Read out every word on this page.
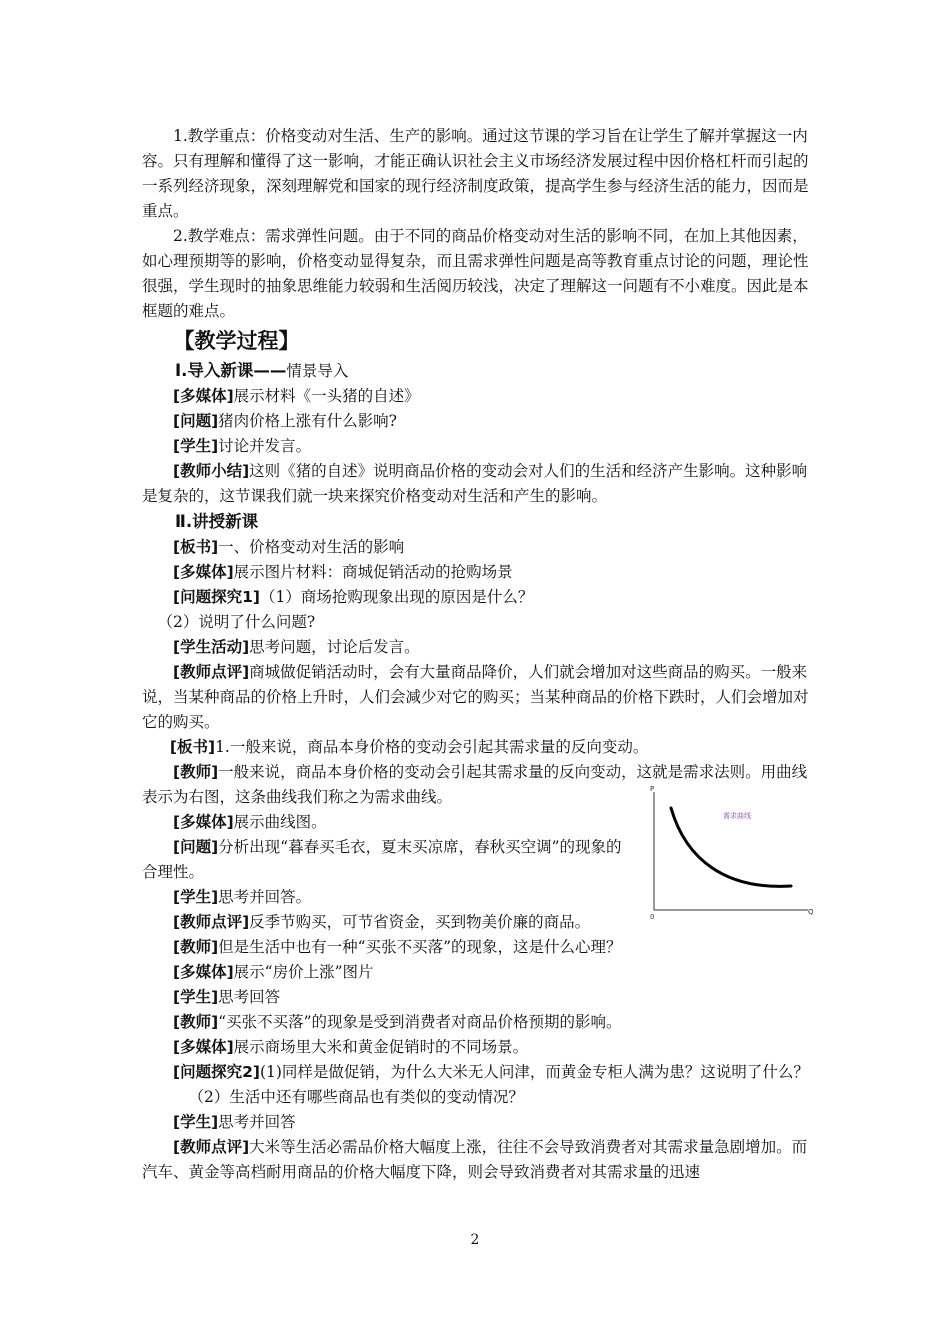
1.教学重点：价格变动对生活、生产的影响。通过这节课的学习旨在让学生了解并掌握这一内容。只有理解和懂得了这一影响，才能正确认识社会主义市场经济发展过程中因价格杠杆而引起的一系列经济现象，深刻理解党和国家的现行经济制度政策，提高学生参与经济生活的能力，因而是重点。

2.教学难点：需求弹性问题。由于不同的商品价格变动对生活的影响不同，在加上其他因素，如心理预期等的影响，价格变动显得复杂，而且需求弹性问题是高等教育重点讨论的问题，理论性很强，学生现时的抽象思维能力较弱和生活阅历较浅，决定了理解这一问题有不小难度。因此是本框题的难点。

【教学过程】

Ⅰ.导入新课——情景导入

[多媒体]展示材料《一头猪的自述》

[问题]猪肉价格上涨有什么影响?

[学生]讨论并发言。

[教师小结]这则《猪的自述》说明商品价格的变动会对人们的生活和经济产生影响。这种影响是复杂的，这节课我们就一块来探究价格变动对生活和产生的影响。

Ⅱ.讲授新课

[板书]一、价格变动对生活的影响

[多媒体]展示图片材料：商城促销活动的抢购场景

[问题探究1]（1）商场抢购现象出现的原因是什么？

（2）说明了什么问题?

[学生活动]思考问题，讨论后发言。

[教师点评]商城做促销活动时，会有大量商品降价，人们就会增加对这些商品的购买。一般来说，当某种商品的价格上升时，人们会减少对它的购买；当某种商品的价格下跌时，人们会增加对它的购买。

[板书]1.一般来说，商品本身价格的变动会引起其需求量的反向变动。

[教师]一般来说，商品本身价格的变动会引起其需求量的反向变动，这就是需求法则。用曲线表示为右图，这条曲线我们称之为需求曲线。

[多媒体]展示曲线图。

[问题]分析出现“暮春买毛衣，夏末买凉席，春秋买空调”的现象的合理性。

[学生]思考并回答。

[教师点评]反季节购买，可节省资金，买到物美价廉的商品。

[教师]但是生活中也有一种“买张不买落”的现象，这是什么心理？

[多媒体]展示“房价上涨”图片

[学生]思考回答

[教师]“买张不买落”的现象是受到消费者对商品价格预期的影响。

[多媒体]展示商场里大米和黄金促销时的不同场景。

[问题探究2](1)同样是做促销，为什么大米无人问津，而黄金专柜人满为患？这说明了什么？

（2）生活中还有哪些商品也有类似的变动情况？

[学生]思考并回答

[教师点评]大米等生活必需品价格大幅度上涨，往往不会导致消费者对其需求量急剧增加。而汽车、黄金等高档耐用商品的价格大幅度下降，则会导致消费者对其需求量的迅速

P
Q
0
需求曲线
2
